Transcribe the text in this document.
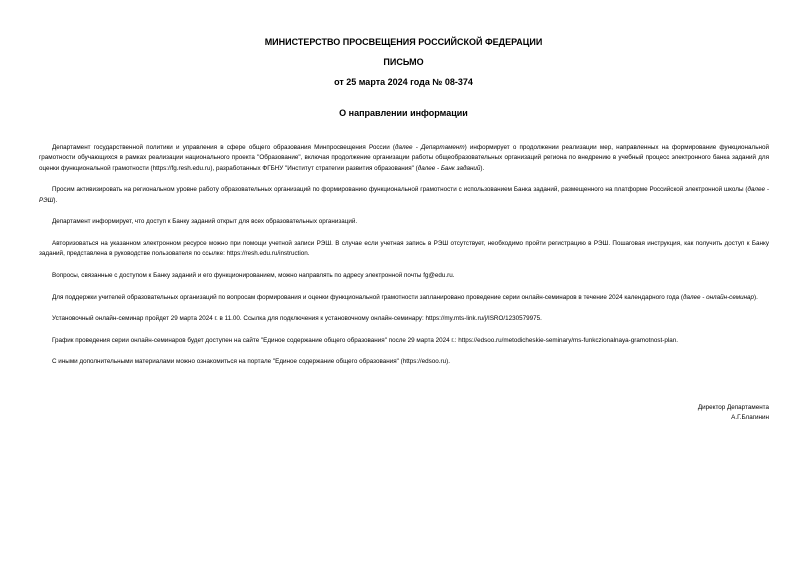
МИНИСТЕРСТВО ПРОСВЕЩЕНИЯ РОССИЙСКОЙ ФЕДЕРАЦИИ
ПИСЬМО
от 25 марта 2024 года № 08-374
О направлении информации

Департамент государственной политики и управления в сфере общего образования Минпросвещения России (далее - Департамент) информирует о продолжении реализации мер, направленных на формирование функциональной грамотности обучающихся в рамках реализации национального проекта "Образование", включая продолжение организации работы общеобразовательных организаций региона по внедрению в учебный процесс электронного банка заданий для оценки функциональной грамотности (https://fg.resh.edu.ru), разработанных ФГБНУ "Институт стратегии развития образования" (далее - Банк заданий).

Просим активизировать на региональном уровне работу образовательных организаций по формированию функциональной грамотности с использованием Банка заданий, размещенного на платформе Российской электронной школы (далее - РЭШ).

Департамент информирует, что доступ к Банку заданий открыт для всех образовательных организаций.

Авторизоваться на указанном электронном ресурсе можно при помощи учетной записи РЭШ. В случае если учетная запись в РЭШ отсутствует, необходимо пройти регистрацию в РЭШ. Пошаговая инструкция, как получить доступ к Банку заданий, представлена в руководстве пользователя по ссылке: https://resh.edu.ru/instruction.

Вопросы, связанные с доступом к Банку заданий и его функционированием, можно направлять по адресу электронной почты fg@edu.ru.

Для поддержки учителей образовательных организаций по вопросам формирования и оценки функциональной грамотности запланировано проведение серии онлайн-семинаров в течение 2024 календарного года (далее - онлайн-семинар).

Установочный онлайн-семинар пройдет 29 марта 2024 г. в 11.00. Ссылка для подключения к установочному онлайн-семинару: https://my.mts-link.ru/j/ISRO/1230579975.

График проведения серии онлайн-семинаров будет доступен на сайте "Единое содержание общего образования" после 29 марта 2024 г.: https://edsoo.ru/metodicheskie-seminary/ms-funkczionalnaya-gramotnost-plan.

С иными дополнительными материалами можно ознакомиться на портале "Единое содержание общего образования" (https://edsoo.ru).

Директор Департамента
А.Г.Благинин
